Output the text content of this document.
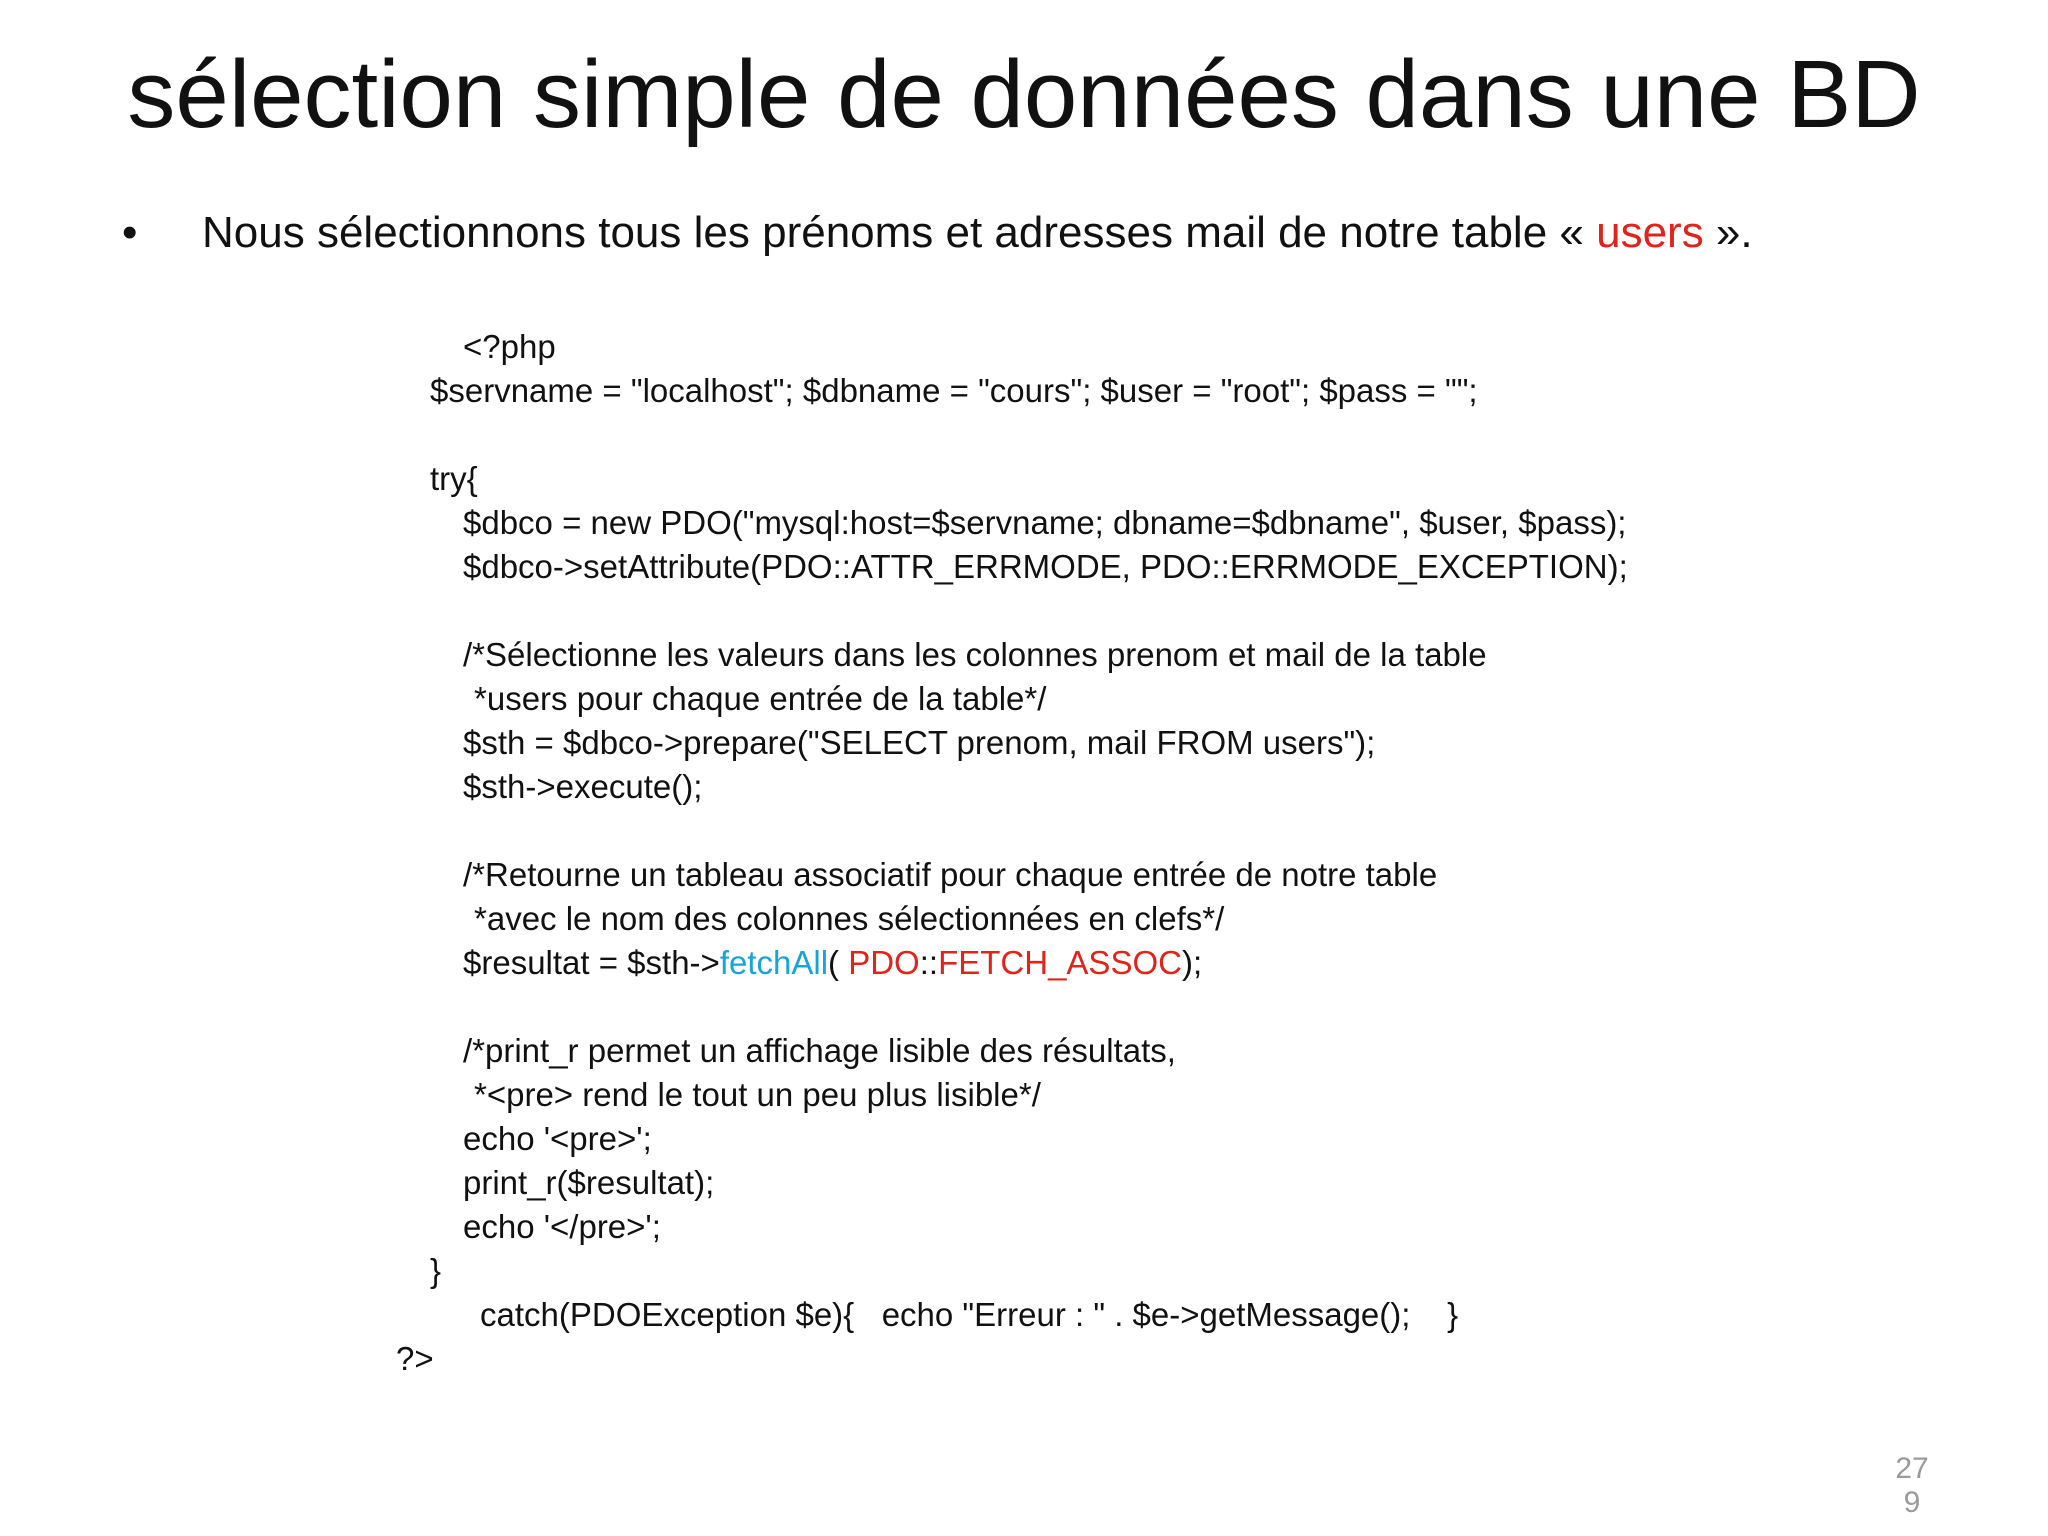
sélection simple de données dans une BD
• Nous sélectionnons tous les prénoms et adresses mail de notre table « users ».
<?php
$servname = "localhost"; $dbname = "cours"; $user = "root"; $pass = "";
try{
$dbco = new PDO("mysql:host=$servname; dbname=$dbname", $user, $pass);
$dbco->setAttribute(PDO::ATTR_ERRMODE, PDO::ERRMODE_EXCEPTION);
/*Sélectionne les valeurs dans les colonnes prenom et mail de la table
*users pour chaque entrée de la table*/
$sth = $dbco->prepare("SELECT prenom, mail FROM users");
$sth->execute();
/*Retourne un tableau associatif pour chaque entrée de notre table
*avec le nom des colonnes sélectionnées en clefs*/
$resultat = $sth->fetchAll( PDO::FETCH_ASSOC);
/*print_r permet un affichage lisible des résultats,
*<pre> rend le tout un peu plus lisible*/
echo '<pre>';
print_r($resultat);
echo '</pre>';
}
catch(PDOException $e){   echo "Erreur : " . $e->getMessage();    }
?>
279
